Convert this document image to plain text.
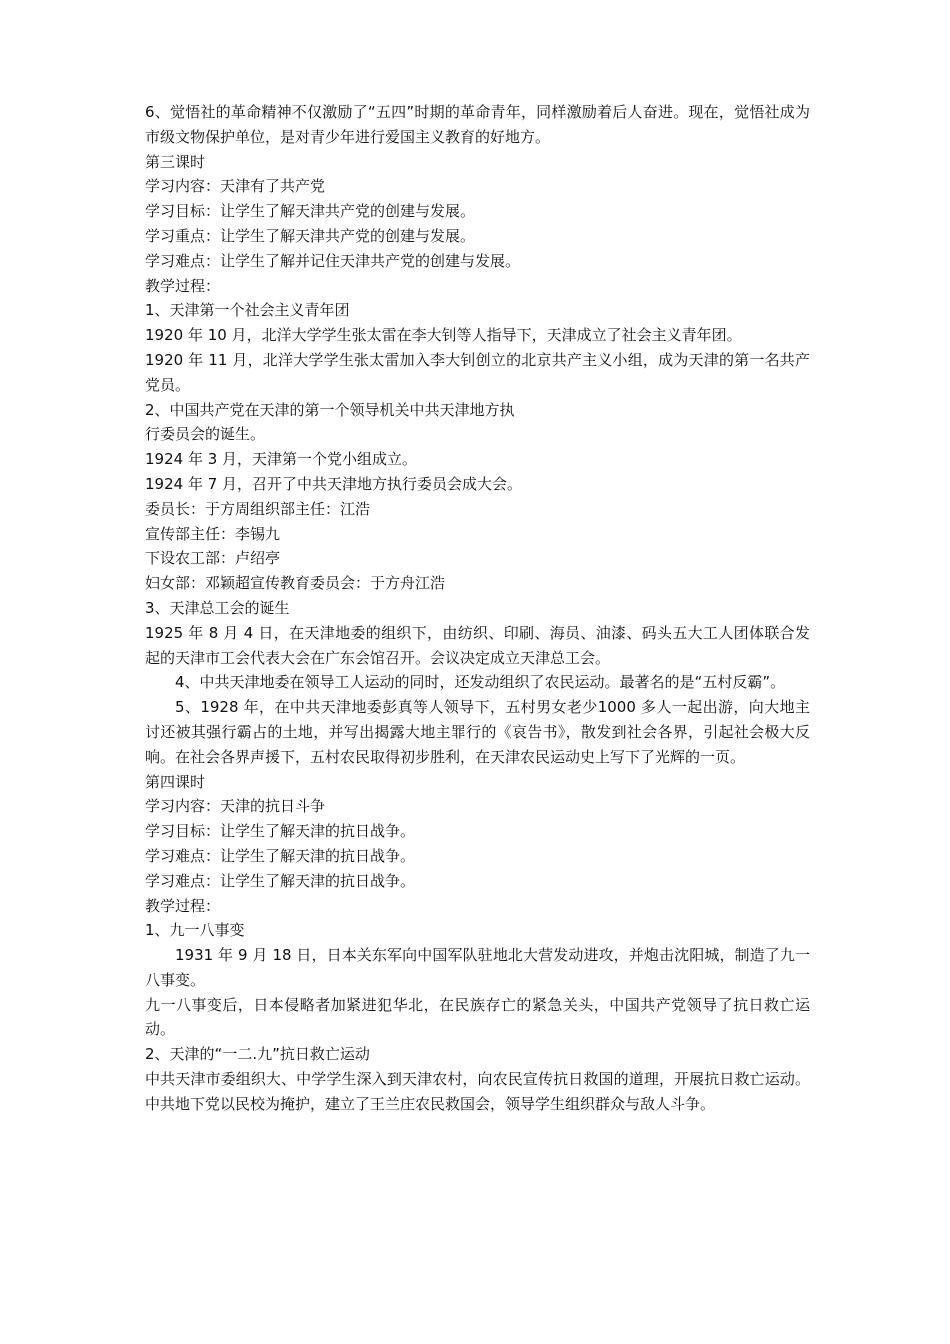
6、觉悟社的革命精神不仅激励了“五四”时期的革命青年，同样激励着后人奋进。现在，觉悟社成为市级文物保护单位，是对青少年进行爱国主义教育的好地方。

第三课时

学习内容：天津有了共产党

学习目标：让学生了解天津共产党的创建与发展。

学习重点：让学生了解天津共产党的创建与发展。

学习难点：让学生了解并记住天津共产党的创建与发展。

教学过程：

1、天津第一个社会主义青年团

1920 年 10 月，北洋大学学生张太雷在李大钊等人指导下，天津成立了社会主义青年团。

1920 年 11 月，北洋大学学生张太雷加入李大钊创立的北京共产主义小组，成为天津的第一名共产党员。

2、中国共产党在天津的第一个领导机关中共天津地方执

行委员会的诞生。

1924 年 3 月，天津第一个党小组成立。

1924 年 7 月，召开了中共天津地方执行委员会成大会。

委员长：于方周组织部主任：江浩

宣传部主任：李锡九

下设农工部：卢绍亭

妇女部：邓颖超宣传教育委员会：于方舟江浩

3、天津总工会的诞生

1925 年 8 月 4 日，在天津地委的组织下，由纺织、印刷、海员、油漆、码头五大工人团体联合发起的天津市工会代表大会在广东会馆召开。会议决定成立天津总工会。

4、中共天津地委在领导工人运动的同时，还发动组织了农民运动。最著名的是“五村反霸”。

5、1928 年，在中共天津地委彭真等人领导下，五村男女老少1000 多人一起出游，向大地主讨还被其强行霸占的土地，并写出揭露大地主罪行的《哀告书》，散发到社会各界，引起社会极大反响。在社会各界声援下，五村农民取得初步胜利，在天津农民运动史上写下了光辉的一页。

第四课时

学习内容：天津的抗日斗争

学习目标：让学生了解天津的抗日战争。

学习难点：让学生了解天津的抗日战争。

学习难点：让学生了解天津的抗日战争。

教学过程：

1、九一八事变

1931 年 9 月 18 日，日本关东军向中国军队驻地北大营发动进攻，并炮击沈阳城，制造了九一八事变。

九一八事变后，日本侵略者加紧进犯华北，在民族存亡的紧急关头，中国共产党领导了抗日救亡运动。

2、天津的“一二.九”抗日救亡运动

中共天津市委组织大、中学学生深入到天津农村，向农民宣传抗日救国的道理，开展抗日救亡运动。中共地下党以民校为掩护，建立了王兰庄农民救国会，领导学生组织群众与敌人斗争。
